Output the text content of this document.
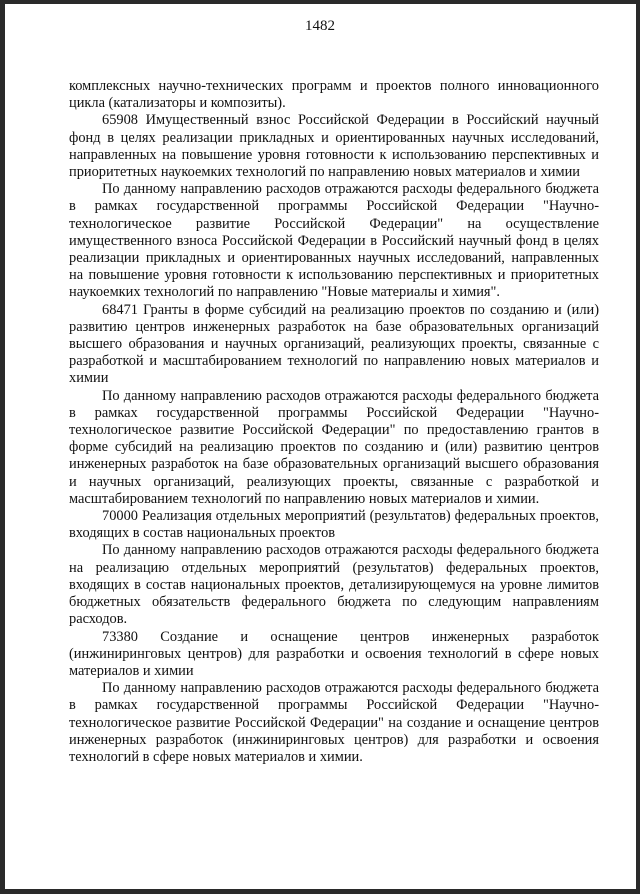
1482

комплексных научно-технических программ и проектов полного инновационного цикла (катализаторы и композиты).

65908 Имущественный взнос Российской Федерации в Российский научный фонд в целях реализации прикладных и ориентированных научных исследований, направленных на повышение уровня готовности к использованию перспективных и приоритетных наукоемких технологий по направлению новых материалов и химии

По данному направлению расходов отражаются расходы федерального бюджета в рамках государственной программы Российской Федерации "Научно-технологическое развитие Российской Федерации" на осуществление имущественного взноса Российской Федерации в Российский научный фонд в целях реализации прикладных и ориентированных научных исследований, направленных на повышение уровня готовности к использованию перспективных и приоритетных наукоемких технологий по направлению "Новые материалы и химия".

68471 Гранты в форме субсидий на реализацию проектов по созданию и (или) развитию центров инженерных разработок на базе образовательных организаций высшего образования и научных организаций, реализующих проекты, связанные с разработкой и масштабированием технологий по направлению новых материалов и химии

По данному направлению расходов отражаются расходы федерального бюджета в рамках государственной программы Российской Федерации "Научно-технологическое развитие Российской Федерации" по предоставлению грантов в форме субсидий на реализацию проектов по созданию и (или) развитию центров инженерных разработок на базе образовательных организаций высшего образования и научных организаций, реализующих проекты, связанные с разработкой и масштабированием технологий по направлению новых материалов и химии.

70000 Реализация отдельных мероприятий (результатов) федеральных проектов, входящих в состав национальных проектов

По данному направлению расходов отражаются расходы федерального бюджета на реализацию отдельных мероприятий (результатов) федеральных проектов, входящих в состав национальных проектов, детализирующемуся на уровне лимитов бюджетных обязательств федерального бюджета по следующим направлениям расходов.

73380 Создание и оснащение центров инженерных разработок (инжиниринговых центров) для разработки и освоения технологий в сфере новых материалов и химии

По данному направлению расходов отражаются расходы федерального бюджета в рамках государственной программы Российской Федерации "Научно-технологическое развитие Российской Федерации" на создание и оснащение центров инженерных разработок (инжиниринговых центров) для разработки и освоения технологий в сфере новых материалов и химии.
